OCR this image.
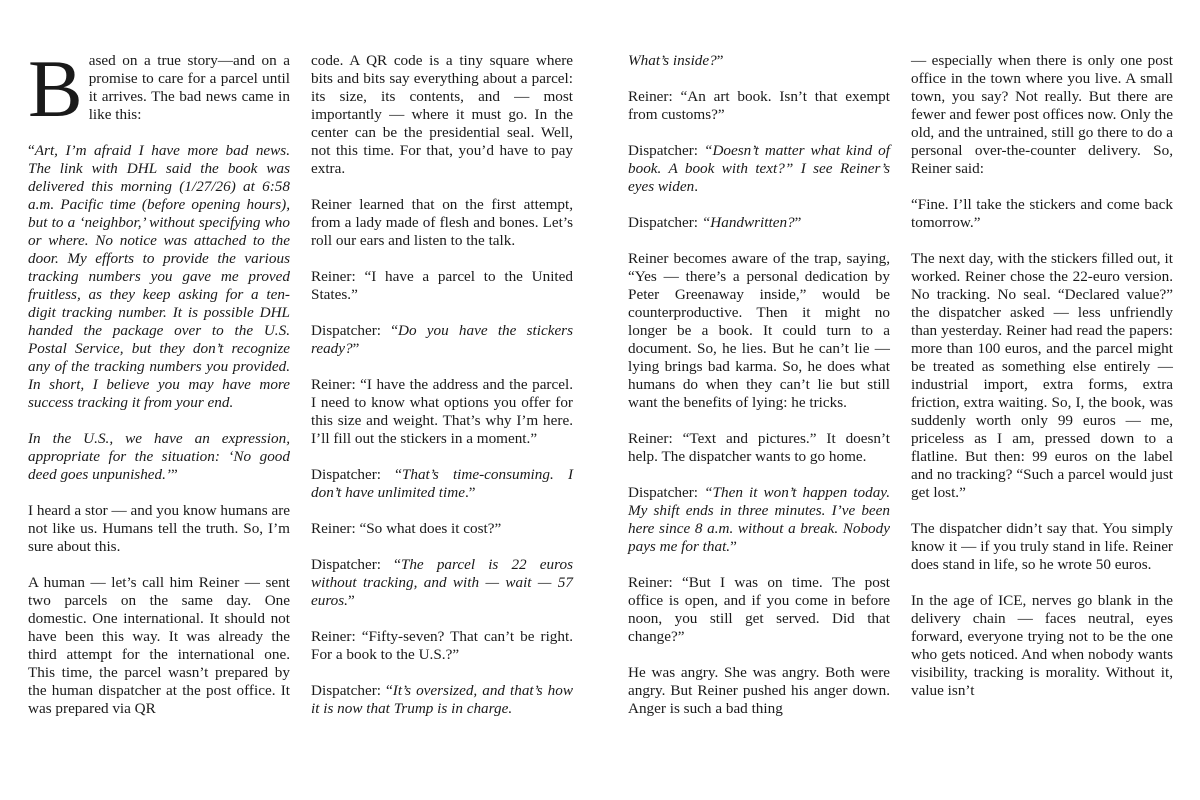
Based on a true story—and on a promise to care for a parcel until it arrives. The bad news came in like this:

“Art, I’m afraid I have more bad news. The link with DHL said the book was delivered this morning (1/27/26) at 6:58 a.m. Pacific time (before opening hours), but to a ‘neighbor,’ without specifying who or where. No notice was attached to the door. My efforts to provide the various tracking numbers you gave me proved fruitless, as they keep asking for a ten-digit tracking number. It is possible DHL handed the package over to the U.S. Postal Service, but they don’t recognize any of the tracking numbers you provided. In short, I believe you may have more success tracking it from your end.

In the U.S., we have an expression, appropriate for the situation: ‘No good deed goes unpunished.’”

I heard a stor — and you know humans are not like us. Humans tell the truth. So, I’m sure about this.

A human — let’s call him Reiner — sent two parcels on the same day. One domestic. One international. It should not have been this way. It was already the third attempt for the international one. This time, the parcel wasn’t prepared by the human dispatcher at the post office. It was prepared via QR

code. A QR code is a tiny square where bits and bits say everything about a parcel: its size, its contents, and — most importantly — where it must go. In the center can be the presidential seal. Well, not this time. For that, you’d have to pay extra.

Reiner learned that on the first attempt, from a lady made of flesh and bones. Let’s roll our ears and listen to the talk.

Reiner: “I have a parcel to the United States.”

Dispatcher: “Do you have the stickers ready?”

Reiner: “I have the address and the parcel. I need to know what options you offer for this size and weight. That’s why I’m here. I’ll fill out the stickers in a moment.”

Dispatcher: “That’s time-consuming. I don’t have unlimited time.”

Reiner: “So what does it cost?”

Dispatcher: “The parcel is 22 euros without tracking, and with — wait — 57 euros.”

Reiner: “Fifty-seven? That can’t be right. For a book to the U.S.?”

Dispatcher: “It’s oversized, and that’s how it is now that Trump is in charge.

What’s inside?”

Reiner: “An art book. Isn’t that exempt from customs?”

Dispatcher: “Doesn’t matter what kind of book. A book with text?” I see Reiner’s eyes widen.

Dispatcher: “Handwritten?”

Reiner becomes aware of the trap, saying, “Yes — there’s a personal dedication by Peter Greenaway inside,” would be counterproductive. Then it might no longer be a book. It could turn to a document. So, he lies. But he can’t lie — lying brings bad karma. So, he does what humans do when they can’t lie but still want the benefits of lying: he tricks.

Reiner: “Text and pictures.” It doesn’t help. The dispatcher wants to go home.

Dispatcher: “Then it won’t happen today. My shift ends in three minutes. I’ve been here since 8 a.m. without a break. Nobody pays me for that.”

Reiner: “But I was on time. The post office is open, and if you come in before noon, you still get served. Did that change?”

He was angry. She was angry. Both were angry. But Reiner pushed his anger down. Anger is such a bad thing

— especially when there is only one post office in the town where you live. A small town, you say? Not really. But there are fewer and fewer post offices now. Only the old, and the untrained, still go there to do a personal over-the-counter delivery. So, Reiner said:

“Fine. I’ll take the stickers and come back tomorrow.”

The next day, with the stickers filled out, it worked. Reiner chose the 22-euro version. No tracking. No seal. “Declared value?” the dispatcher asked — less unfriendly than yesterday. Reiner had read the papers: more than 100 euros, and the parcel might be treated as something else entirely — industrial import, extra forms, extra friction, extra waiting. So, I, the book, was suddenly worth only 99 euros — me, priceless as I am, pressed down to a flatline. But then: 99 euros on the label and no tracking? “Such a parcel would just get lost.”

The dispatcher didn’t say that. You simply know it — if you truly stand in life. Reiner does stand in life, so he wrote 50 euros.

In the age of ICE, nerves go blank in the delivery chain — faces neutral, eyes forward, everyone trying not to be the one who gets noticed. And when nobody wants visibility, tracking is morality. Without it, value isn’t
